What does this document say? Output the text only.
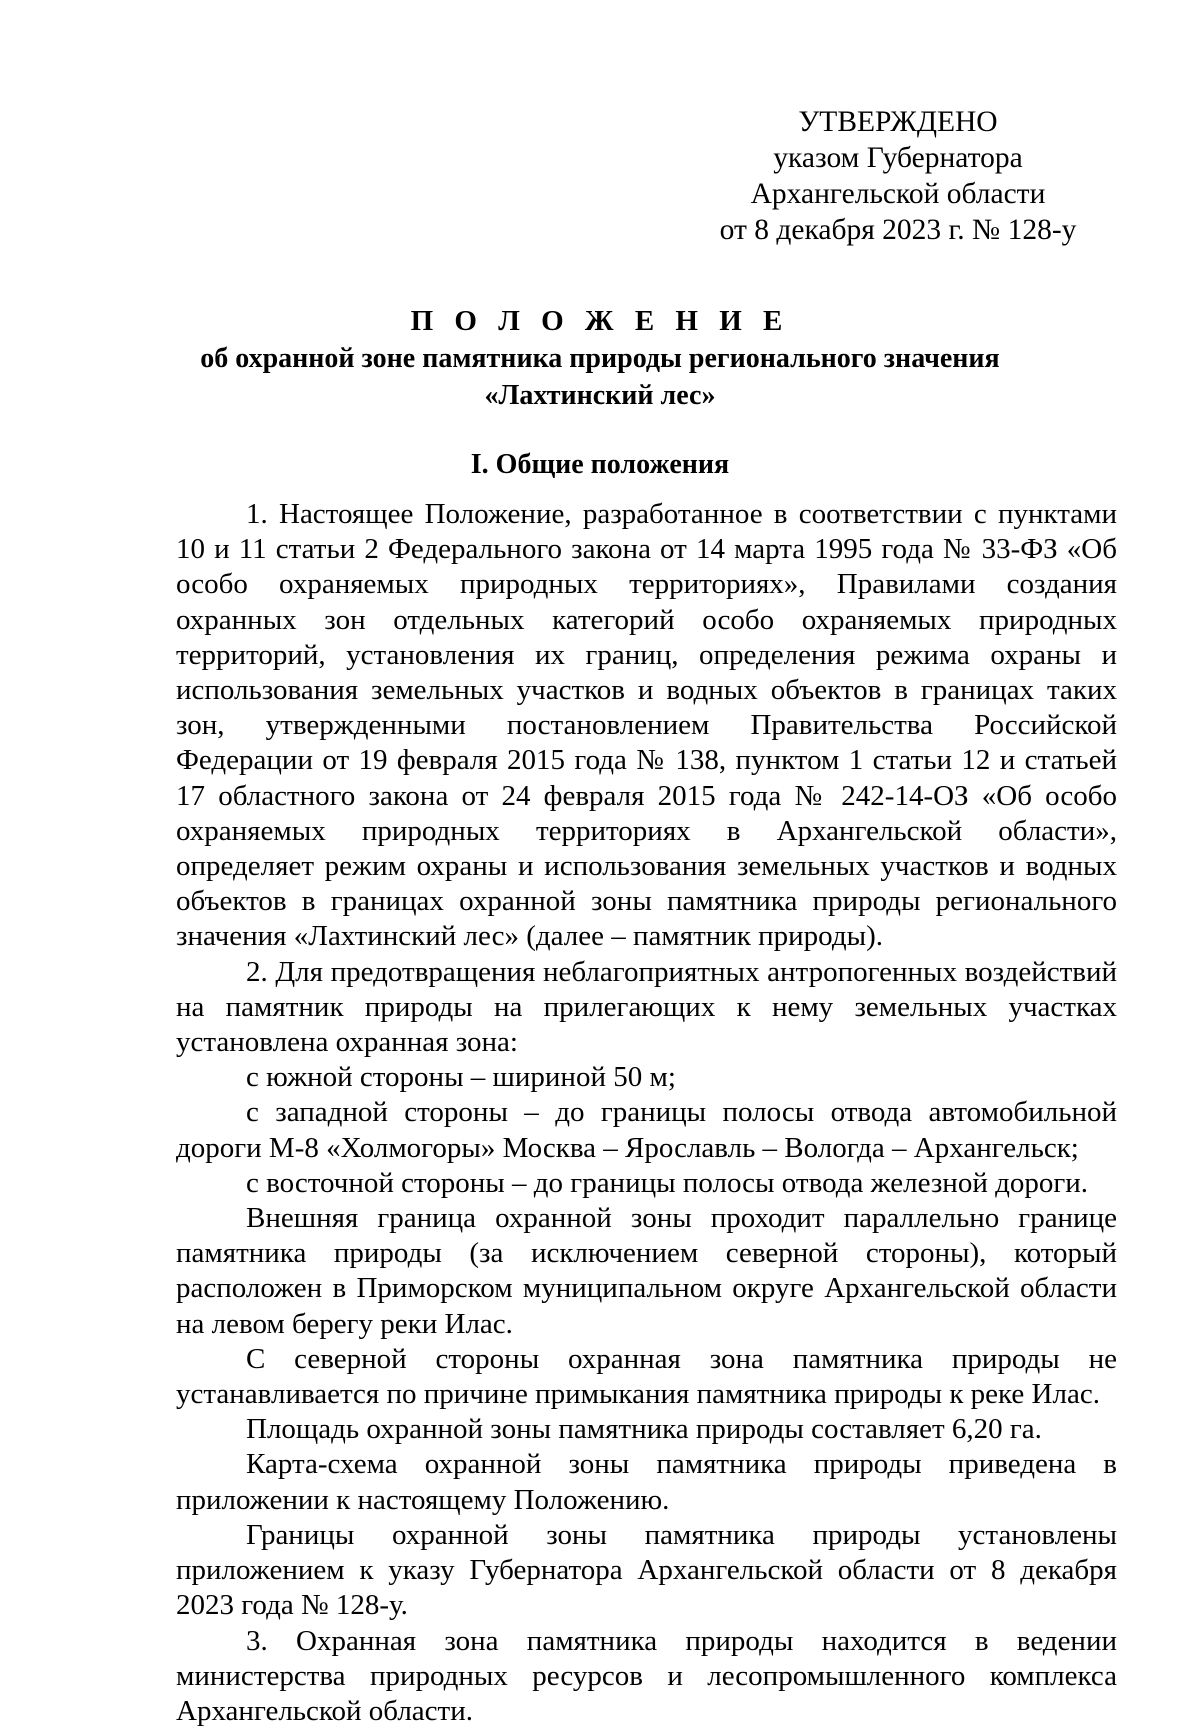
УТВЕРЖДЕНО
указом Губернатора
Архангельской области
от 8 декабря 2023 г. № 128-у
П О Л О Ж Е Н И Е
об охранной зоне памятника природы регионального значения
«Лахтинский лес»
I. Общие положения

1. Настоящее Положение, разработанное в соответствии с пунктами 10 и 11 статьи 2 Федерального закона от 14 марта 1995 года № 33-ФЗ «Об особо охраняемых природных территориях», Правилами создания охранных зон отдельных категорий особо охраняемых природных территорий, установления их границ, определения режима охраны и использования земельных участков и водных объектов в границах таких зон, утвержденными постановлением Правительства Российской Федерации от 19 февраля 2015 года № 138, пунктом 1 статьи 12 и статьей 17 областного закона от 24 февраля 2015 года № 242-14-ОЗ «Об особо охраняемых природных территориях в Архангельской области», определяет режим охраны и использования земельных участков и водных объектов в границах охранной зоны памятника природы регионального значения «Лахтинский лес» (далее – памятник природы).

2. Для предотвращения неблагоприятных антропогенных воздействий на памятник природы на прилегающих к нему земельных участках установлена охранная зона:

с южной стороны – шириной 50 м;

с западной стороны – до границы полосы отвода автомобильной дороги М-8 «Холмогоры» Москва – Ярославль – Вологда – Архангельск;

с восточной стороны – до границы полосы отвода железной дороги.

Внешняя граница охранной зоны проходит параллельно границе памятника природы (за исключением северной стороны), который расположен в Приморском муниципальном округе Архангельской области на левом берегу реки Илас.

С северной стороны охранная зона памятника природы не устанавливается по причине примыкания памятника природы к реке Илас.

Площадь охранной зоны памятника природы составляет 6,20 га.

Карта-схема охранной зоны памятника природы приведена в приложении к настоящему Положению.

Границы охранной зоны памятника природы установлены приложением к указу Губернатора Архангельской области от 8 декабря 2023 года № 128-у.

3. Охранная зона памятника природы находится в ведении министерства природных ресурсов и лесопромышленного комплекса Архангельской области.
